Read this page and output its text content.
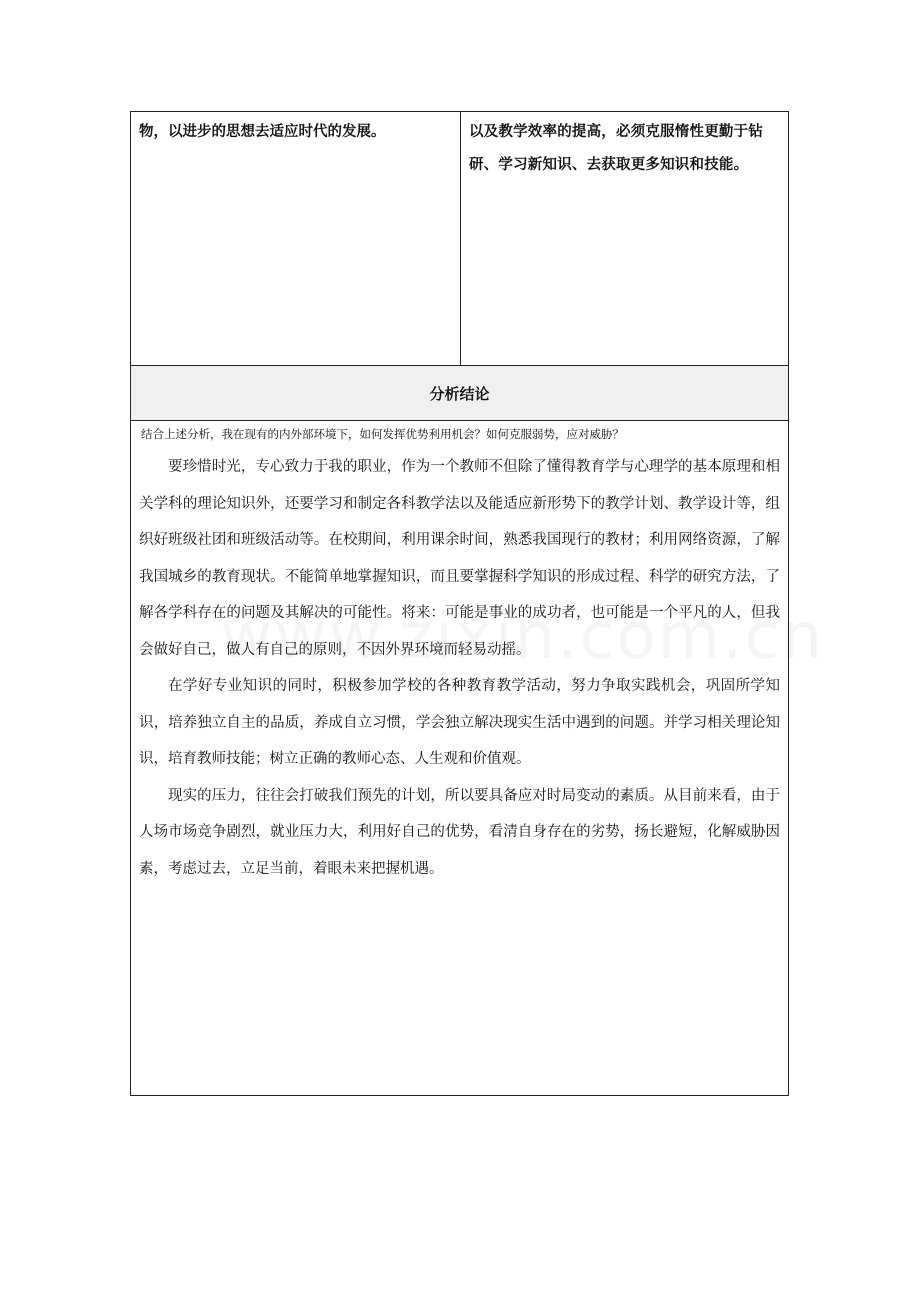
物，以进步的思想去适应时代的发展。	以及教学效率的提高，必须克服惰性更勤于钻研、学习新知识、去获取更多知识和技能。
分析结论
结合上述分析，我在现有的内外部环境下，如何发挥优势利用机会？如何克服弱势，应对威胁？

要珍惜时光，专心致力于我的职业，作为一个教师不但除了懂得教育学与心理学的基本原理和相关学科的理论知识外，还要学习和制定各科教学法以及能适应新形势下的教学计划、教学设计等，组织好班级社团和班级活动等。在校期间，利用课余时间，熟悉我国现行的教材；利用网络资源，了解我国城乡的教育现状。不能简单地掌握知识，而且要掌握科学知识的形成过程、科学的研究方法，了解各学科存在的问题及其解决的可能性。将来：可能是事业的成功者，也可能是一个平凡的人，但我会做好自己，做人有自己的原则，不因外界环境而轻易动摇。

在学好专业知识的同时，积极参加学校的各种教育教学活动，努力争取实践机会，巩固所学知识，培养独立自主的品质，养成自立习惯，学会独立解决现实生活中遇到的问题。并学习相关理论知识，培育教师技能；树立正确的教师心态、人生观和价值观。

现实的压力，往往会打破我们预先的计划，所以要具备应对时局变动的素质。从目前来看，由于人场市场竞争剧烈，就业压力大，利用好自己的优势，看清自身存在的劣势，扬长避短，化解威胁因素，考虑过去，立足当前，着眼未来把握机遇。
